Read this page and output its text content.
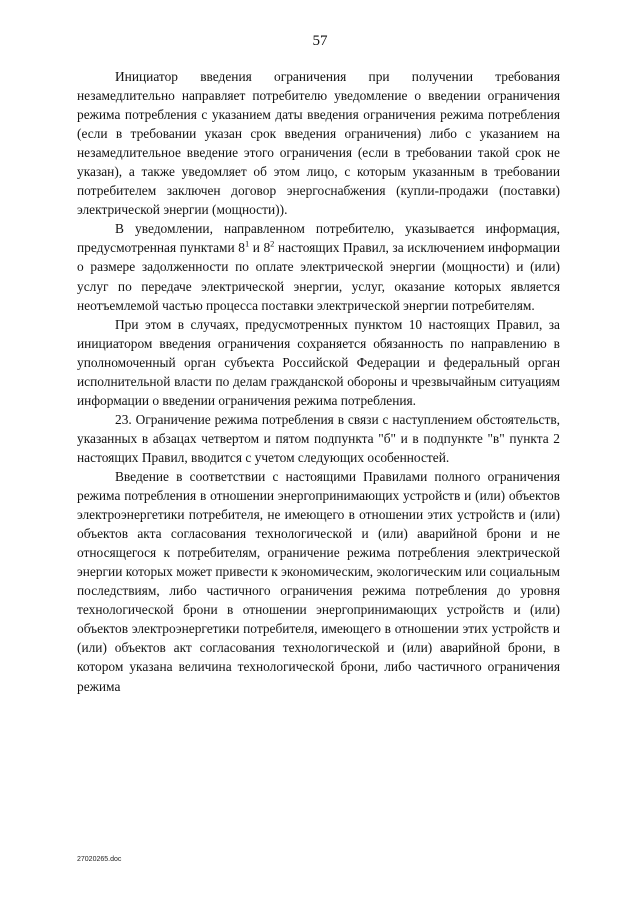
57

Инициатор введения ограничения при получении требования незамедлительно направляет потребителю уведомление о введении ограничения режима потребления с указанием даты введения ограничения режима потребления (если в требовании указан срок введения ограничения) либо с указанием на незамедлительное введение этого ограничения (если в требовании такой срок не указан), а также уведомляет об этом лицо, с которым указанным в требовании потребителем заключен договор энергоснабжения (купли-продажи (поставки) электрической энергии (мощности)).

В уведомлении, направленном потребителю, указывается информация, предусмотренная пунктами $8^1$ и $8^2$ настоящих Правил, за исключением информации о размере задолженности по оплате электрической энергии (мощности) и (или) услуг по передаче электрической энергии, услуг, оказание которых является неотъемлемой частью процесса поставки электрической энергии потребителям.

При этом в случаях, предусмотренных пунктом 10 настоящих Правил, за инициатором введения ограничения сохраняется обязанность по направлению в уполномоченный орган субъекта Российской Федерации и федеральный орган исполнительной власти по делам гражданской обороны и чрезвычайным ситуациям информации о введении ограничения режима потребления.

23. Ограничение режима потребления в связи с наступлением обстоятельств, указанных в абзацах четвертом и пятом подпункта "б" и в подпункте "в" пункта 2 настоящих Правил, вводится с учетом следующих особенностей.

Введение в соответствии с настоящими Правилами полного ограничения режима потребления в отношении энергопринимающих устройств и (или) объектов электроэнергетики потребителя, не имеющего в отношении этих устройств и (или) объектов акта согласования технологической и (или) аварийной брони и не относящегося к потребителям, ограничение режима потребления электрической энергии которых может привести к экономическим, экологическим или социальным последствиям, либо частичного ограничения режима потребления до уровня технологической брони в отношении энергопринимающих устройств и (или) объектов электроэнергетики потребителя, имеющего в отношении этих устройств и (или) объектов акт согласования технологической и (или) аварийной брони, в котором указана величина технологической брони, либо частичного ограничения режима

27020265.doc
